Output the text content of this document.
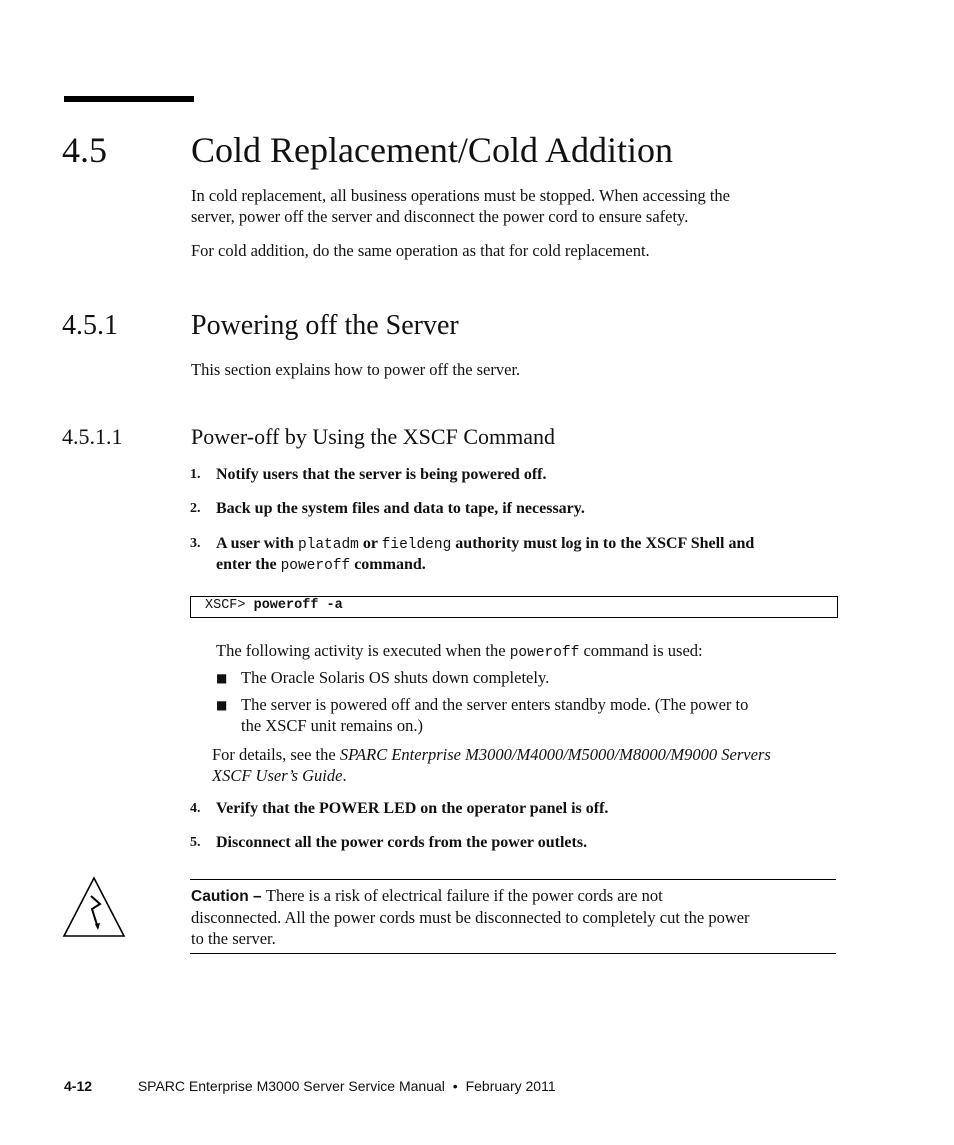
4.5 Cold Replacement/Cold Addition
In cold replacement, all business operations must be stopped. When accessing the
server, power off the server and disconnect the power cord to ensure safety.
For cold addition, do the same operation as that for cold replacement.
4.5.1	Powering off the Server
This section explains how to power off the server.
4.5.1.1	Power-off by Using the XSCF Command
1. Notify users that the server is being powered off.
2. Back up the system files and data to tape, if necessary.
3. A user with platadm or fieldeng authority must log in to the XSCF Shell and
enter the poweroff command.
XSCF> poweroff -a
The following activity is executed when the poweroff command is used:
■ The Oracle Solaris OS shuts down completely.
■ The server is powered off and the server enters standby mode. (The power to
the XSCF unit remains on.)
For details, see the SPARC Enterprise M3000/M4000/M5000/M8000/M9000 Servers
XSCF User’s Guide.
4. Verify that the POWER LED on the operator panel is off.
5. Disconnect all the power cords from the power outlets.
Caution – There is a risk of electrical failure if the power cords are not
disconnected. All the power cords must be disconnected to completely cut the power
to the server.
4-12	SPARC Enterprise M3000 Server Service Manual • February 2011
